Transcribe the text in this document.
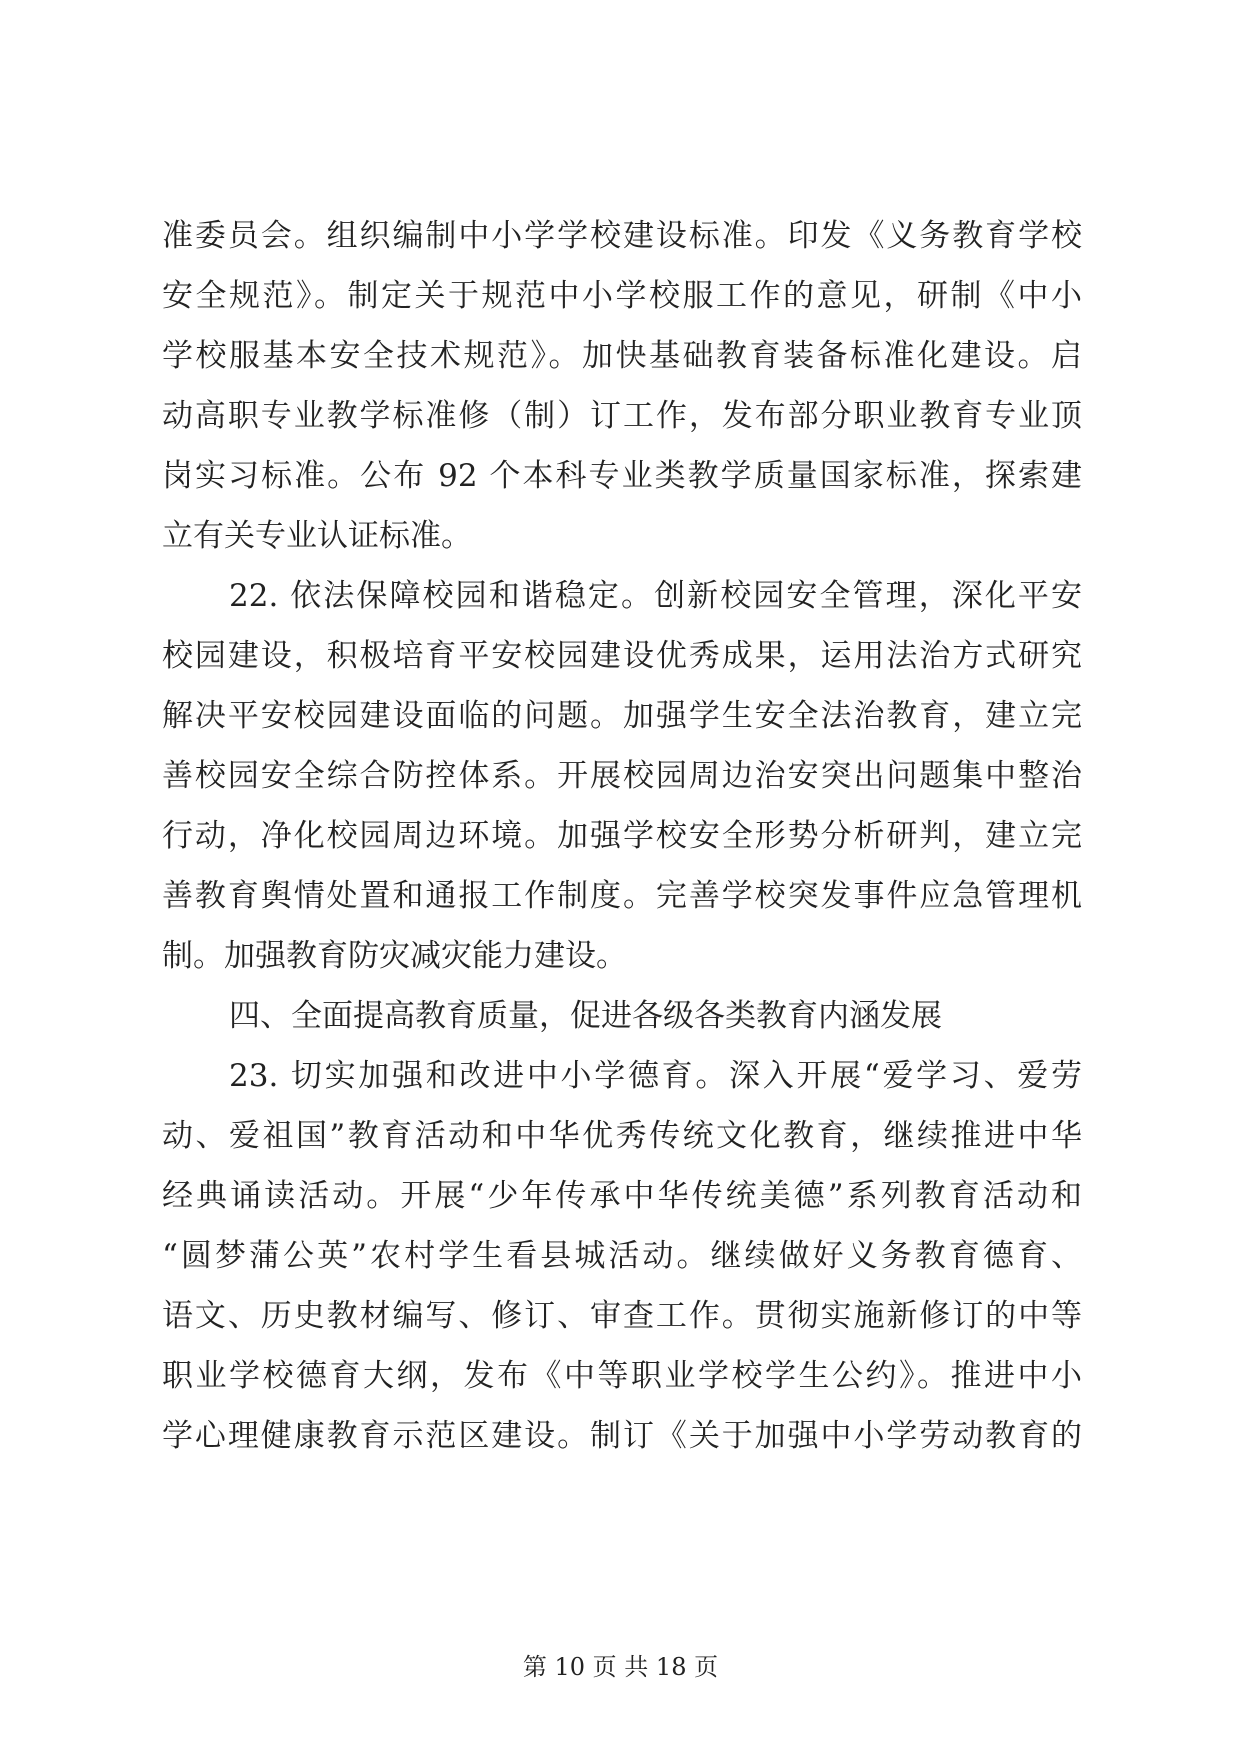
准委员会。组织编制中小学学校建设标准。印发《义务教育学校
安全规范》。制定关于规范中小学校服工作的意见，研制《中小
学校服基本安全技术规范》。加快基础教育装备标准化建设。启
动高职专业教学标准修（制）订工作，发布部分职业教育专业顶
岗实习标准。公布 92 个本科专业类教学质量国家标准，探索建
立有关专业认证标准。
22. 依法保障校园和谐稳定。创新校园安全管理，深化平安
校园建设，积极培育平安校园建设优秀成果，运用法治方式研究
解决平安校园建设面临的问题。加强学生安全法治教育，建立完
善校园安全综合防控体系。开展校园周边治安突出问题集中整治
行动，净化校园周边环境。加强学校安全形势分析研判，建立完
善教育舆情处置和通报工作制度。完善学校突发事件应急管理机
制。加强教育防灾减灾能力建设。
四、全面提高教育质量，促进各级各类教育内涵发展
23. 切实加强和改进中小学德育。深入开展“爱学习、爱劳
动、爱祖国”教育活动和中华优秀传统文化教育，继续推进中华
经典诵读活动。开展“少年传承中华传统美德”系列教育活动和
“圆梦蒲公英”农村学生看县城活动。继续做好义务教育德育、
语文、历史教材编写、修订、审查工作。贯彻实施新修订的中等
职业学校德育大纲，发布《中等职业学校学生公约》。推进中小
学心理健康教育示范区建设。制订《关于加强中小学劳动教育的
第 10 页 共 18 页
